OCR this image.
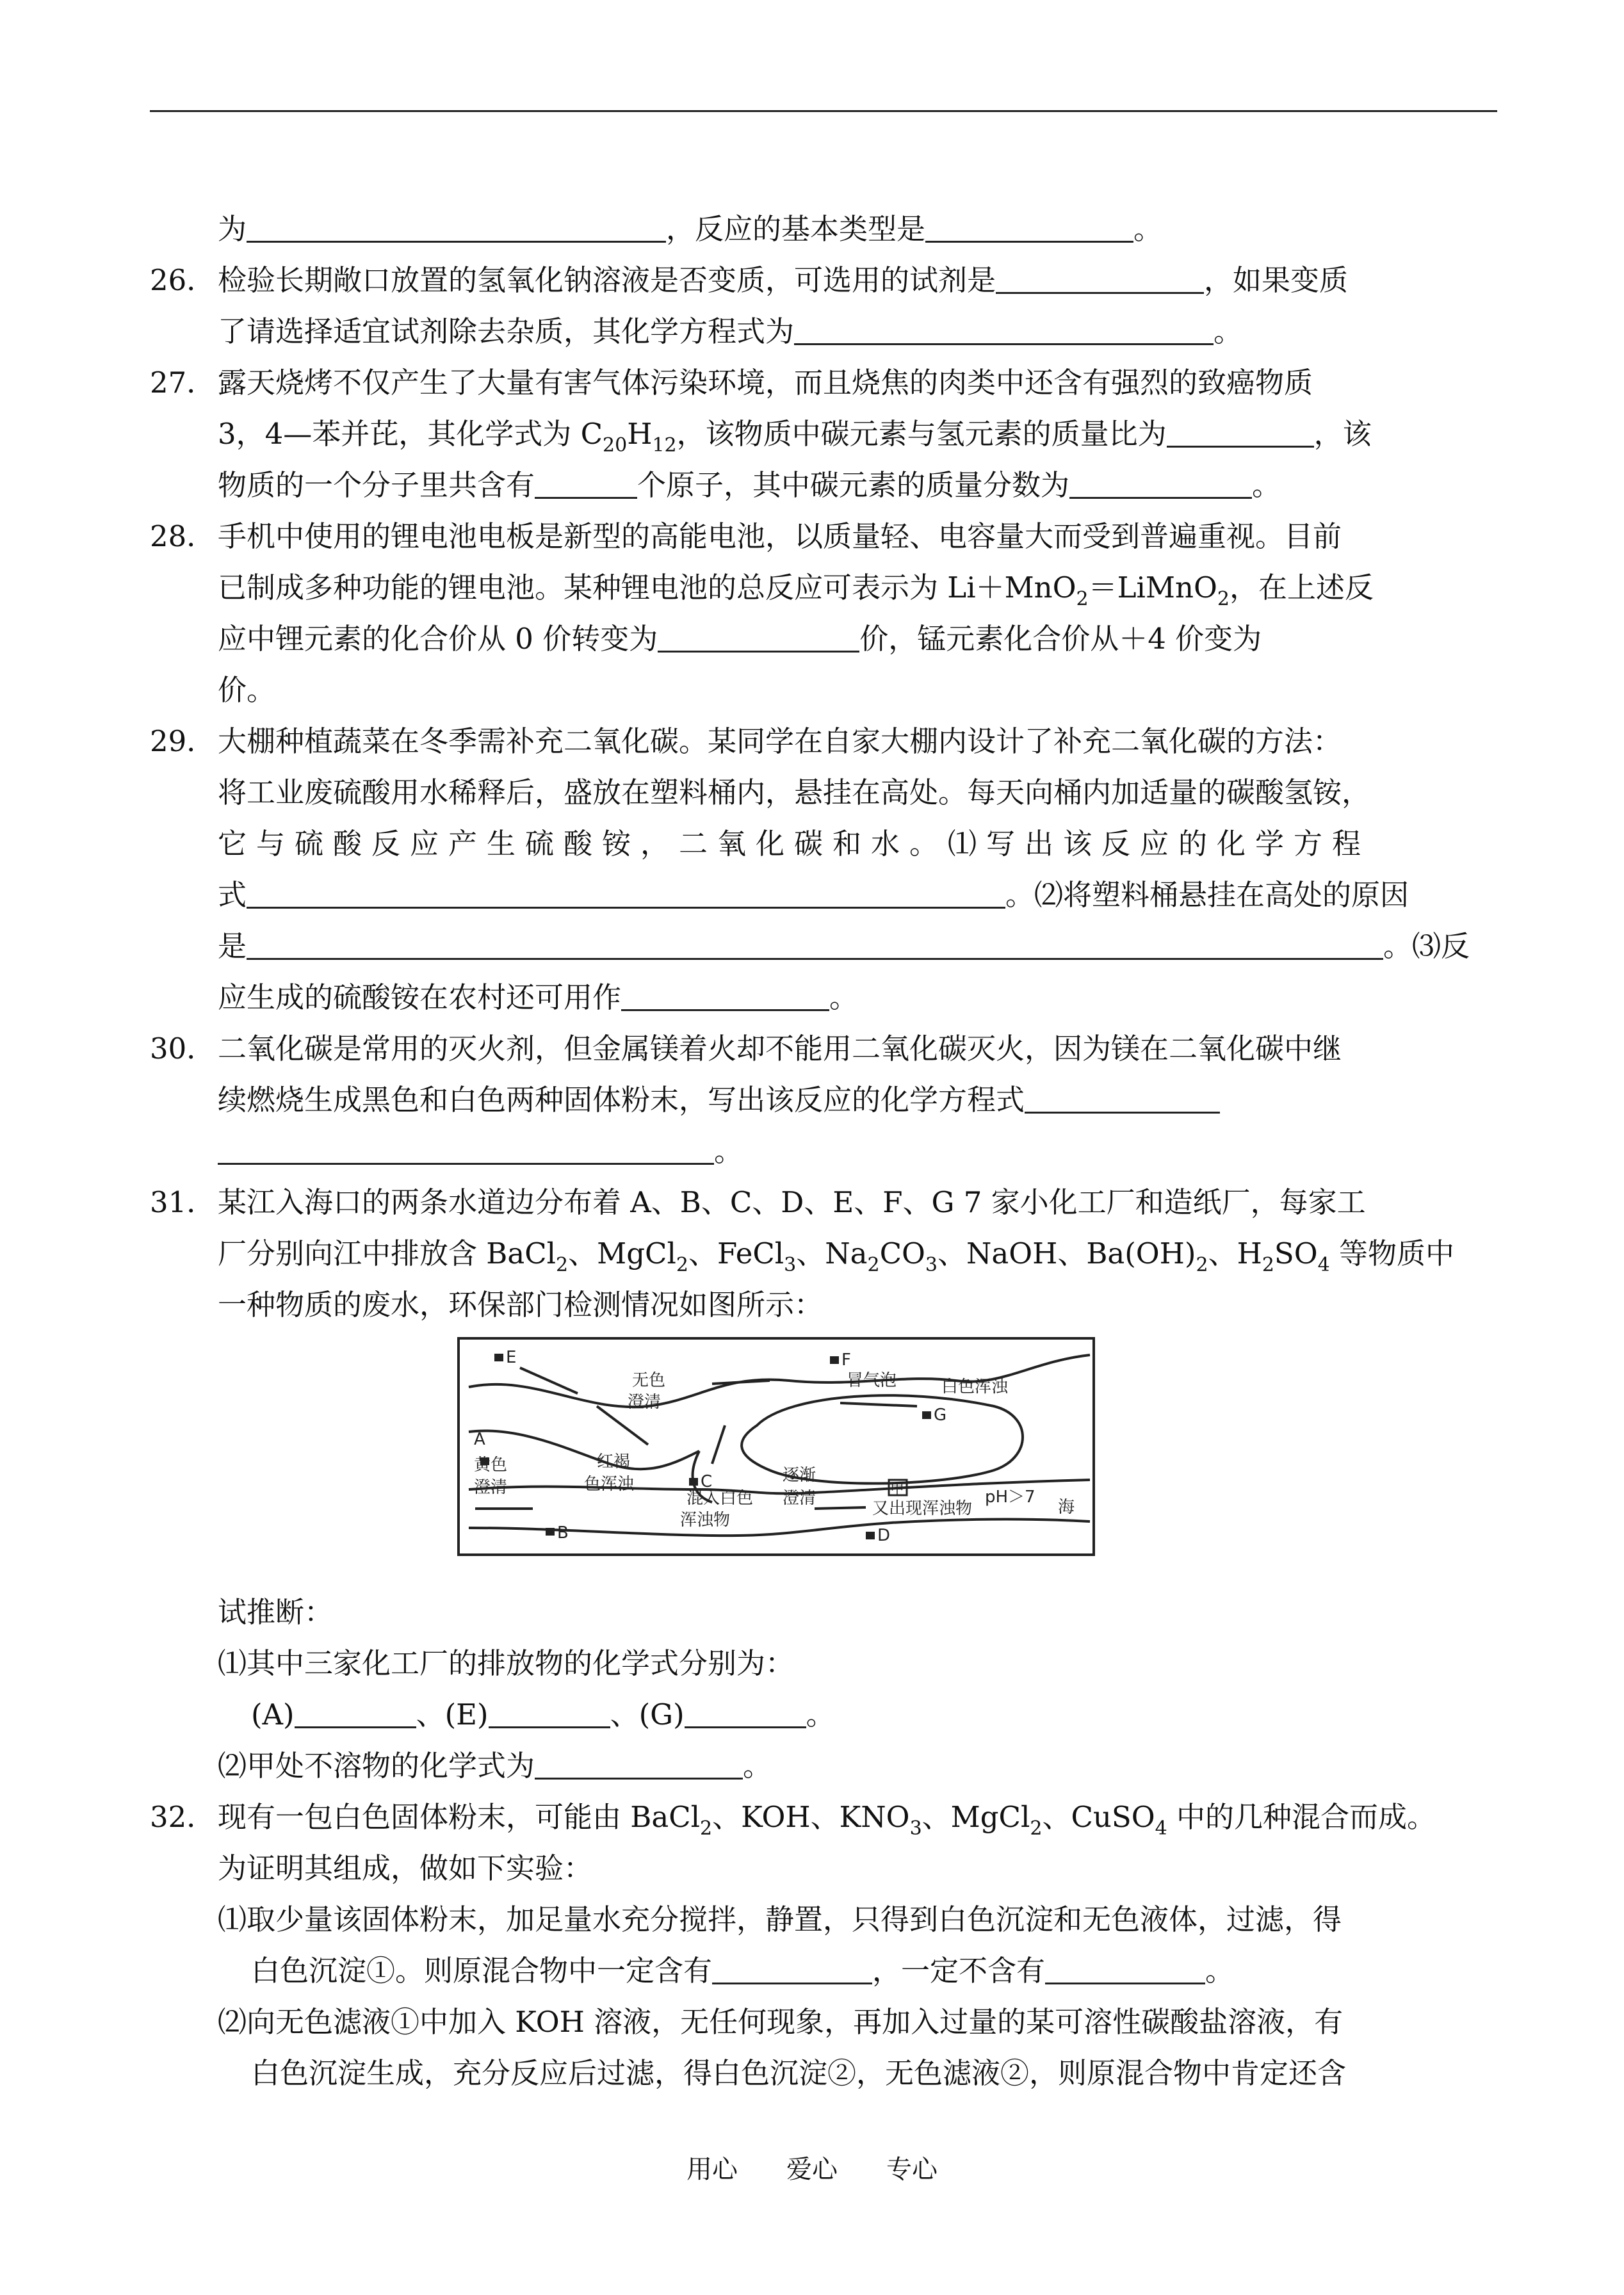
为	，反应的基本类型是	。
26． 检验长期敞口放置的氢氧化钠溶液是否变质，可选用的试剂是	，如果变质
了请选择适宜试剂除去杂质，其化学方程式为	。
27． 露天烧烤不仅产生了大量有害气体污染环境，而且烧焦的肉类中还含有强烈的致癌物质
3，4—苯并芘，其化学式为 $C_{20}H_{12}$，该物质中碳元素与氢元素的质量比为	，该
物质的一个分子里共含有	个原子，其中碳元素的质量分数为	。
28． 手机中使用的锂电池电板是新型的高能电池，以质量轻、电容量大而受到普遍重视。目前
已制成多种功能的锂电池。某种锂电池的总反应可表示为 Li＋MnO$_2$＝LiMnO$_2$，在上述反
应中锂元素的化合价从 0 价转变为	价，锰元素化合价从＋4 价变为
价。
29． 大棚种植蔬菜在冬季需补充二氧化碳。某同学在自家大棚内设计了补充二氧化碳的方法：
将工业废硫酸用水稀释后，盛放在塑料桶内，悬挂在高处。每天向桶内加适量的碳酸氢铵，
它与硫酸反应产生硫酸铵，二氧化碳和水。⑴写出该反应的化学方程
式	。⑵将塑料桶悬挂在高处的原因
是	。⑶反
应生成的硫酸铵在农村还可用作	。
30． 二氧化碳是常用的灭火剂，但金属镁着火却不能用二氧化碳灭火，因为镁在二氧化碳中继
续燃烧生成黑色和白色两种固体粉末，写出该反应的化学方程式
。
31． 某江入海口的两条水道边分布着 A、B、C、D、E、F、G 7 家小化工厂和造纸厂，每家工
厂分别向江中排放含 BaCl$_2$、MgCl$_2$、FeCl$_3$、$Na_2CO_3$、NaOH、$Ba(OH)_2$、$H_2SO_4$ 等物质中
一种物质的废水，环保部门检测情况如图所示：
E	F
G
A
B
C
D
无色
澄清
冒气泡	白色浑浊
黄色
澄清
红褐
色浑浊
混入白色
浑浊物
逐渐
澄清	甲
又出现浑浊物
pH＞7
海
试推断：
⑴其中三家化工厂的排放物的化学式分别为：
(A)	、(E)	、(G)	。
⑵甲处不溶物的化学式为	。
32． 现有一包白色固体粉末，可能由 BaCl$_2$、KOH、$KNO_3$、MgCl$_2$、CuSO$_4$ 中的几种混合而成。
为证明其组成，做如下实验：
⑴取少量该固体粉末，加足量水充分搅拌，静置，只得到白色沉淀和无色液体，过滤，得
白色沉淀①。则原混合物中一定含有	，一定不含有	。
⑵向无色滤液①中加入 KOH 溶液，无任何现象，再加入过量的某可溶性碳酸盐溶液，有
白色沉淀生成，充分反应后过滤，得白色沉淀②，无色滤液②，则原混合物中肯定还含
用心 爱心 专心
